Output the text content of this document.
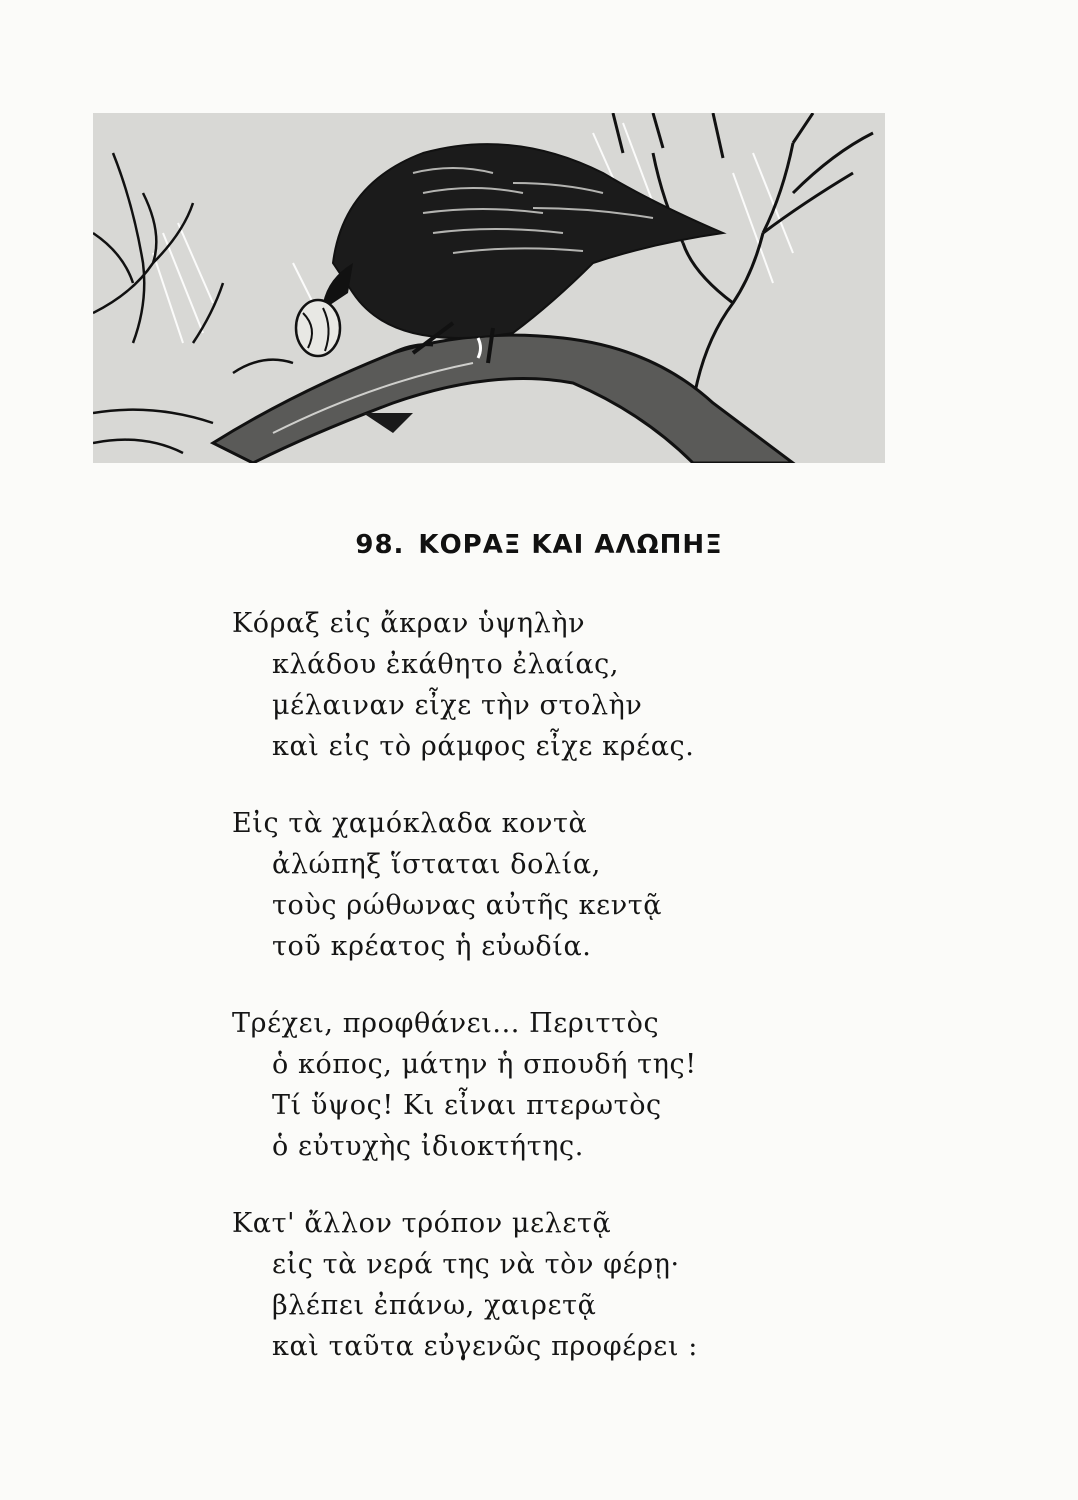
98. ΚΟΡΑΞ ΚΑΙ ΑΛΩΠΗΞ
Κόραξ εἰς ἄκραν ὑψηλὴν
κλάδου ἐκάθητο ἐλαίας,
μέλαιναν εἶχε τὴν στολὴν
καὶ εἰς τὸ ράμφος εἶχε κρέας.
Εἰς τὰ χαμόκλαδα κοντὰ
ἀλώπηξ ἵσταται δολία,
τοὺς ρώθωνας αὐτῆς κεντᾷ
τοῦ κρέατος ἡ εὐωδία.
Τρέχει, προφθάνει... Περιττὸς
ὁ κόπος, μάτην ἡ σπουδή της!
Τί ὕψος! Κι εἶναι πτερωτὸς
ὁ εὐτυχὴς ἰδιοκτήτης.
Κατ' ἄλλον τρόπον μελετᾷ
εἰς τὰ νερά της νὰ τὸν φέρῃ·
βλέπει ἐπάνω, χαιρετᾷ
καὶ ταῦτα εὐγενῶς προφέρει :
